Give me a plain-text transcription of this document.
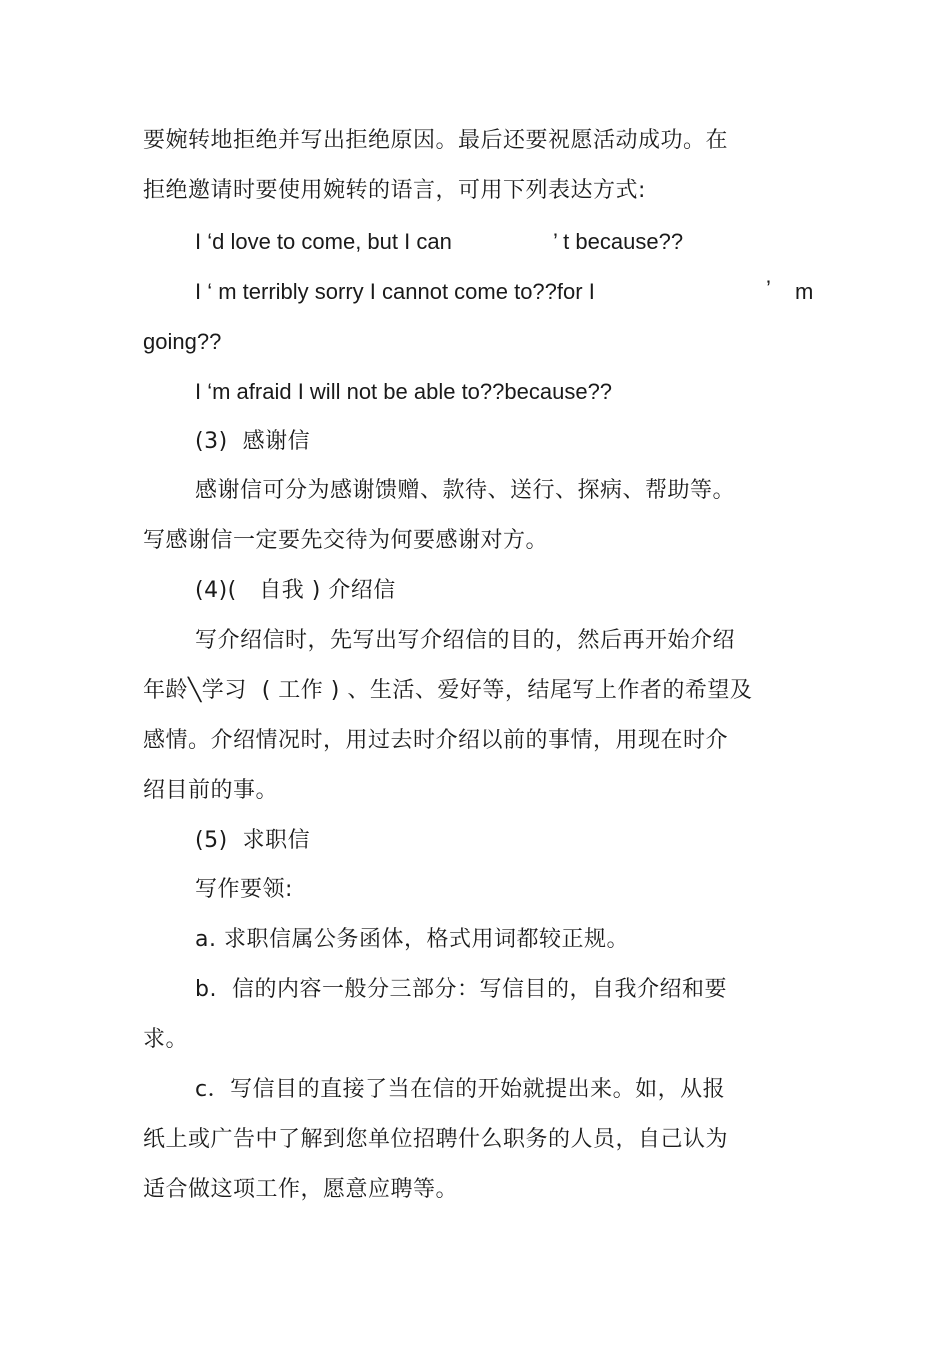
要婉转地拒绝并写出拒绝原因。最后还要祝愿活动成功。在
拒绝邀请时要使用婉转的语言，可用下列表达方式:
I ‘d love to come, but I can	’ t because??
I ‘ m terribly sorry I cannot come to??for I	’ m
going??
I ‘m afraid I will not be able to??because??
(3)  感谢信
感谢信可分为感谢馈赠、款待、送行、探病、帮助等。
写感谢信一定要先交待为何要感谢对方。
(4)(   自我 ) 介绍信
写介绍信时，先写出写介绍信的目的，然后再开始介绍
年龄╲学习  ( 工作 ) 、生活、爱好等，结尾写上作者的希望及
感情。介绍情况时，用过去时介绍以前的事情，用现在时介
绍目前的事。
(5)  求职信
写作要领:
a. 求职信属公务函体，格式用词都较正规。
b.  信的内容一般分三部分：写信目的，自我介绍和要
求。
c．写信目的直接了当在信的开始就提出来。如，从报
纸上或广告中了解到您单位招聘什么职务的人员，自己认为
适合做这项工作，愿意应聘等。
